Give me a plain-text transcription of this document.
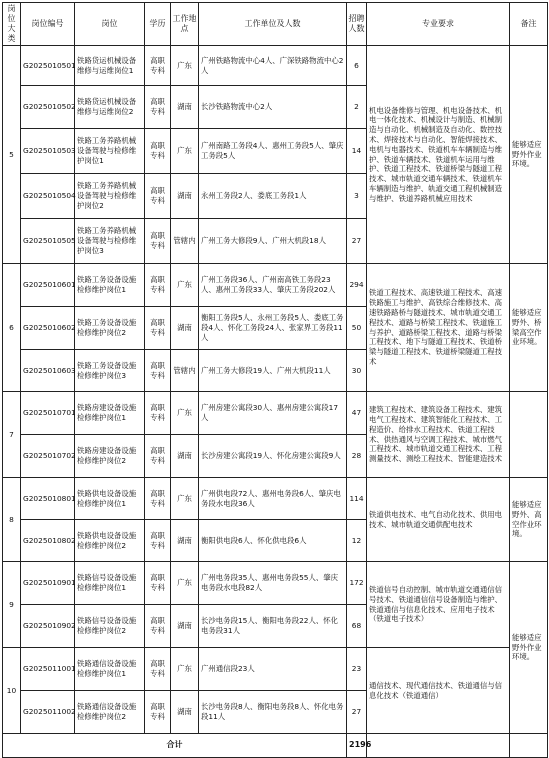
岗位大类	岗位编号	岗位	学历	工作地点	工作单位及人数	招聘人数	专业要求	备注
5	G2025010501	铁路货运机械设备维修与运维岗位1	高职专科	广东	广州铁路物流中心4人、广深铁路物流中心2人	6	机电设备维修与管理、机电设备技术、机电一体化技术、机械设计与制造、机械制造与自动化、机械制造及自动化、数控技术、焊接技术与自动化、智能焊接技术、电机与电器技术、铁道机车车辆制造与维护、铁道车辆技术、铁道机车运用与维护、铁道工程技术、铁道桥梁与隧道工程技术、城市轨道交通车辆技术、铁道机车车辆制造与维护、轨道交通工程机械制造与维护、铁道养路机械应用技术	能够适应野外作业环境。
	G2025010502	铁路货运机械设备维修与运维岗位2	高职专科	湖南	长沙铁路物流中心2人	2		
	G2025010503	铁路工务养路机械设备驾驶与检修维护岗位1	高职专科	广东	广州南路工务段4人、惠州工务段5人、肇庆工务段5人	14		
	G2025010504	铁路工务养路机械设备驾驶与检修维护岗位2	高职专科	湖南	永州工务段2人、娄底工务段1人	3		
	G2025010505	铁路工务养路机械设备驾驶与检修维护岗位3	高职专科	管辖内	广州工务大修段9人、广州大机段18人	27		
6	G2025010601	铁路工务设备设施检修维护岗位1	高职专科	广东	广州工务段36人、广州南高铁工务段23人、惠州工务段33人、肇庆工务段202人	294	铁道工程技术、高速铁道工程技术、高速铁路施工与维护、高铁综合维修技术、高速铁路路桥与隧道技术、城市轨道交通工程技术、道路与桥梁工程技术、铁道施工与养护、道路桥梁工程技术、道路与桥梁工程技术、地下与隧道工程技术、铁道桥梁与隧道工程技术、铁道桥梁隧道工程技术	能够适应野外、桥梁高空作业环境。
	G2025010602	铁路工务设备设施检修维护岗位2	高职专科	湖南	衡阳工务段5人、永州工务段5人、娄底工务段4人、怀化工务段24人、张家界工务段11人	50		
	G2025010603	铁路工务设备设施检修维护岗位3	高职专科	管辖内	广州工务大修段19人、广州大机段11人	30		
7	G2025010701	铁路房建设备设施检修维护岗位1	高职专科	广东	广州房建公寓段30人、惠州房建公寓段17人	47	建筑工程技术、建筑设备工程技术、建筑电气工程技术、建筑智能化工程技术、工程造价、给排水工程技术、铁道工程技术、供热通风与空调工程技术、城市燃气工程技术、城市轨道交通工程技术、工程测量技术、测绘工程技术、智能建造技术	
	G2025010702	铁路房建设备设施检修维护岗位2	高职专科	湖南	长沙房建公寓段19人、怀化房建公寓段9人	28		
8	G2025010801	铁路供电设备设施检修维护岗位1	高职专科	广东	广州供电段72人、惠州电务段6人、肇庆电务段水电段36人	114	铁道供电技术、电气自动化技术、供用电技术、城市轨道交通供配电技术	能够适应野外、高空作业环境。
	G2025010802	铁路供电设备设施检修维护岗位2	高职专科	湖南	衡阳供电段6人、怀化供电段6人	12		
9	G2025010901	铁路信号设备设施检修维护岗位1	高职专科	广东	广州电务段35人、惠州电务段55人、肇庆电务段水电段82人	172	铁道信号自动控制、城市轨道交通通信信号技术、铁道通信信号设备制造与维护、铁道通信与信息化技术、应用电子技术（铁道电子技术）	能够适应野外作业环境。
	G2025010902	铁路信号设备设施检修维护岗位2	高职专科	湖南	长沙电务段15人、衡阳电务段22人、怀化电务段31人	68		
10	G2025011001	铁路通信设备设施检修维护岗位1	高职专科	广东	广州通信段23人	23	通信技术、现代通信技术、铁道通信与信息化技术（铁道通信）	
	G2025011002	铁路通信设备设施检修维护岗位2	高职专科	湖南	长沙电务段8人、衡阳电务段8人、怀化电务段11人	27		
合计						2196		
